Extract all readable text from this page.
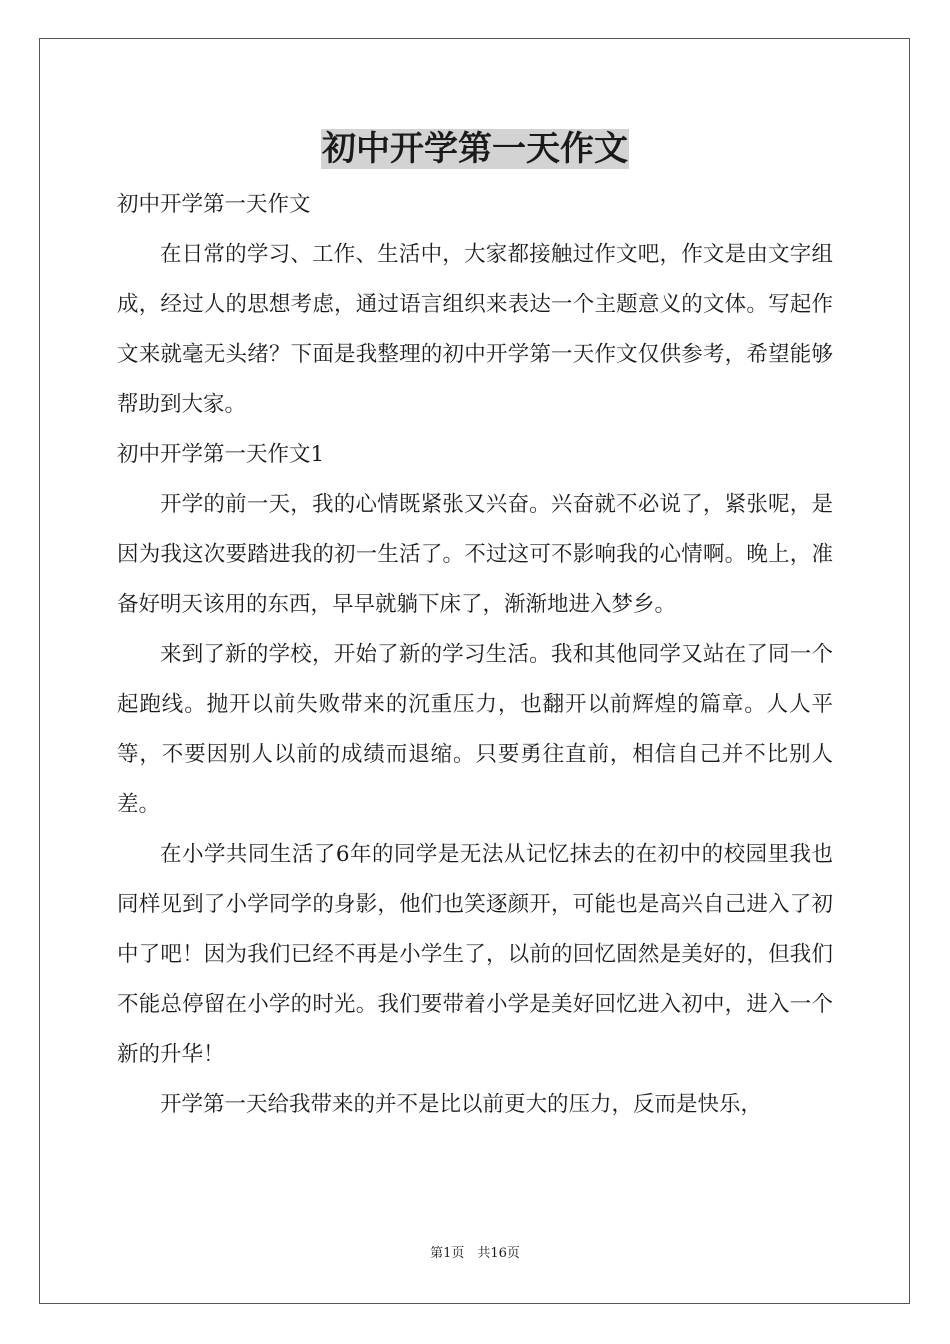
初中开学第一天作文

初中开学第一天作文

在日常的学习、工作、生活中，大家都接触过作文吧，作文是由文字组成，经过人的思想考虑，通过语言组织来表达一个主题意义的文体。写起作文来就毫无头绪？下面是我整理的初中开学第一天作文仅供参考，希望能够帮助到大家。

初中开学第一天作文1

开学的前一天，我的心情既紧张又兴奋。兴奋就不必说了，紧张呢，是因为我这次要踏进我的初一生活了。不过这可不影响我的心情啊。晚上，准备好明天该用的东西，早早就躺下床了，渐渐地进入梦乡。

来到了新的学校，开始了新的学习生活。我和其他同学又站在了同一个起跑线。抛开以前失败带来的沉重压力，也翻开以前辉煌的篇章。人人平等，不要因别人以前的成绩而退缩。只要勇往直前，相信自己并不比别人差。

在小学共同生活了6年的同学是无法从记忆抹去的在初中的校园里我也同样见到了小学同学的身影，他们也笑逐颜开，可能也是高兴自己进入了初中了吧！因为我们已经不再是小学生了，以前的回忆固然是美好的，但我们不能总停留在小学的时光。我们要带着小学是美好回忆进入初中，进入一个新的升华！

开学第一天给我带来的并不是比以前更大的压力，反而是快乐，

第1页　共16页
